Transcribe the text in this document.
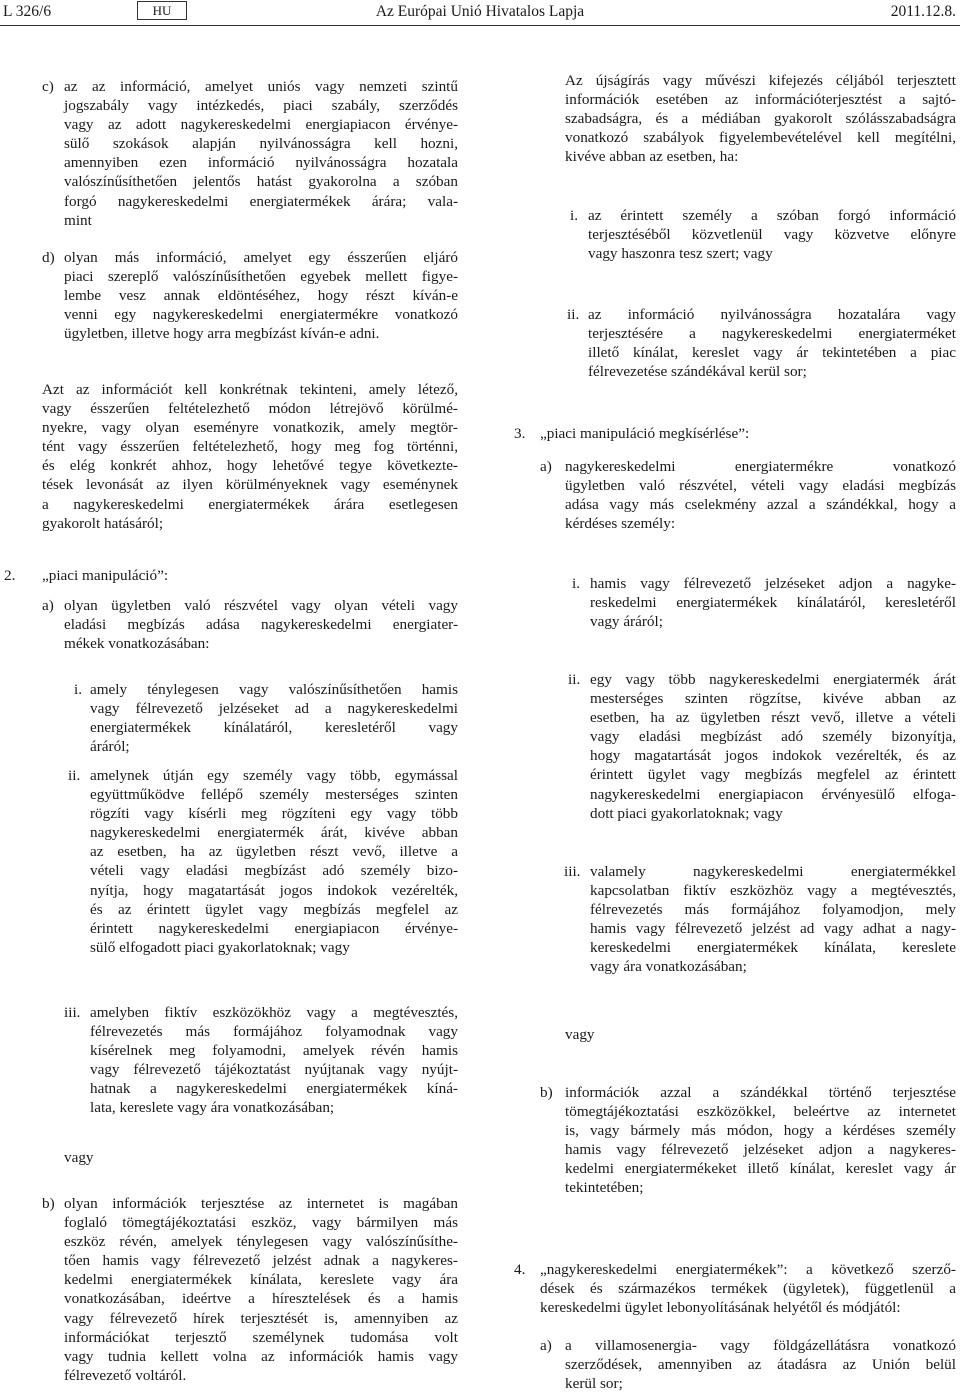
L 326/6	HU	Az Európai Unió Hivatalos Lapja	2011.12.8.
c) az az információ, amelyet uniós vagy nemzeti szintű
jogszabály vagy intézkedés, piaci szabály, szerződés
vagy az adott nagykereskedelmi energiapiacon érvénye-
sülő szokások alapján nyilvánosságra kell hozni,
amennyiben ezen információ nyilvánosságra hozatala
valószínűsíthetően jelentős hatást gyakorolna a szóban
forgó nagykereskedelmi energiatermékek árára; vala-
mint
d) olyan más információ, amelyet egy ésszerűen eljáró
piaci szereplő valószínűsíthetően egyebek mellett figye-
lembe vesz annak eldöntéséhez, hogy részt kíván-e
venni egy nagykereskedelmi energiatermékre vonatkozó
ügyletben, illetve hogy arra megbízást kíván-e adni.
Azt az információt kell konkrétnak tekinteni, amely létező,
vagy ésszerűen feltételezhető módon létrejövő körülmé-
nyekre, vagy olyan eseményre vonatkozik, amely megtör-
tént vagy ésszerűen feltételezhető, hogy meg fog történni,
és elég konkrét ahhoz, hogy lehetővé tegye következte-
tések levonását az ilyen körülményeknek vagy eseménynek
a nagykereskedelmi energiatermékek árára esetlegesen
gyakorolt hatásáról;
2. „piaci manipuláció”:
a) olyan ügyletben való részvétel vagy olyan vételi vagy
eladási megbízás adása nagykereskedelmi energiater-
mékek vonatkozásában:
i. amely ténylegesen vagy valószínűsíthetően hamis
vagy félrevezető jelzéseket ad a nagykereskedelmi
energiatermékek kínálatáról, keresletéről vagy
áráról;
ii. amelynek útján egy személy vagy több, egymással
együttműködve fellépő személy mesterséges szinten
rögzíti vagy kísérli meg rögzíteni egy vagy több
nagykereskedelmi energiatermék árát, kivéve abban
az esetben, ha az ügyletben részt vevő, illetve a
vételi vagy eladási megbízást adó személy bizo-
nyítja, hogy magatartását jogos indokok vezérelték,
és az érintett ügylet vagy megbízás megfelel az
érintett nagykereskedelmi energiapiacon érvénye-
sülő elfogadott piaci gyakorlatoknak; vagy
iii. amelyben fiktív eszközökhöz vagy a megtévesztés,
félrevezetés más formájához folyamodnak vagy
kísérelnek meg folyamodni, amelyek révén hamis
vagy félrevezető tájékoztatást nyújtanak vagy nyújt-
hatnak a nagykereskedelmi energiatermékek kíná-
lata, kereslete vagy ára vonatkozásában;
vagy
b) olyan információk terjesztése az internetet is magában
foglaló tömegtájékoztatási eszköz, vagy bármilyen más
eszköz révén, amelyek ténylegesen vagy valószínűsíthe-
tően hamis vagy félrevezető jelzést adnak a nagykeres-
kedelmi energiatermékek kínálata, kereslete vagy ára
vonatkozásában, ideértve a híresztelések és a hamis
vagy félrevezető hírek terjesztését is, amennyiben az
információkat terjesztő személynek tudomása volt
vagy tudnia kellett volna az információk hamis vagy
félrevezető voltáról.
Az újságírás vagy művészi kifejezés céljából terjesztett
információk esetében az információterjesztést a sajtó-
szabadságra, és a médiában gyakorolt szólásszabadságra
vonatkozó szabályok figyelembevételével kell megítélni,
kivéve abban az esetben, ha:
i. az érintett személy a szóban forgó információ
terjesztéséből közvetlenül vagy közvetve előnyre
vagy haszonra tesz szert; vagy
ii. az információ nyilvánosságra hozatalára vagy
terjesztésére a nagykereskedelmi energiaterméket
illető kínálat, kereslet vagy ár tekintetében a piac
félrevezetése szándékával kerül sor;
3. „piaci manipuláció megkísérlése”:
a) nagykereskedelmi energiatermékre vonatkozó
ügyletben való részvétel, vételi vagy eladási megbízás
adása vagy más cselekmény azzal a szándékkal, hogy a
kérdéses személy:
i. hamis vagy félrevezető jelzéseket adjon a nagyke-
reskedelmi energiatermékek kínálatáról, keresletéről
vagy áráról;
ii. egy vagy több nagykereskedelmi energiatermék árát
mesterséges szinten rögzítse, kivéve abban az
esetben, ha az ügyletben részt vevő, illetve a vételi
vagy eladási megbízást adó személy bizonyítja,
hogy magatartását jogos indokok vezérelték, és az
érintett ügylet vagy megbízás megfelel az érintett
nagykereskedelmi energiapiacon érvényesülő elfoga-
dott piaci gyakorlatoknak; vagy
iii. valamely nagykereskedelmi energiatermékkel
kapcsolatban fiktív eszközhöz vagy a megtévesztés,
félrevezetés más formájához folyamodjon, mely
hamis vagy félrevezető jelzést ad vagy adhat a nagy-
kereskedelmi energiatermékek kínálata, kereslete
vagy ára vonatkozásában;
vagy
b) információk azzal a szándékkal történő terjesztése
tömegtájékoztatási eszközökkel, beleértve az internetet
is, vagy bármely más módon, hogy a kérdéses személy
hamis vagy félrevezető jelzéseket adjon a nagykeres-
kedelmi energiatermékeket illető kínálat, kereslet vagy ár
tekintetében;
4. „nagykereskedelmi energiatermékek”: a következő szerző-
dések és származékos termékek (ügyletek), függetlenül a
kereskedelmi ügylet lebonyolításának helyétől és módjától:
a) a villamosenergia- vagy földgázellátásra vonatkozó
szerződések, amennyiben az átadásra az Unión belül
kerül sor;
